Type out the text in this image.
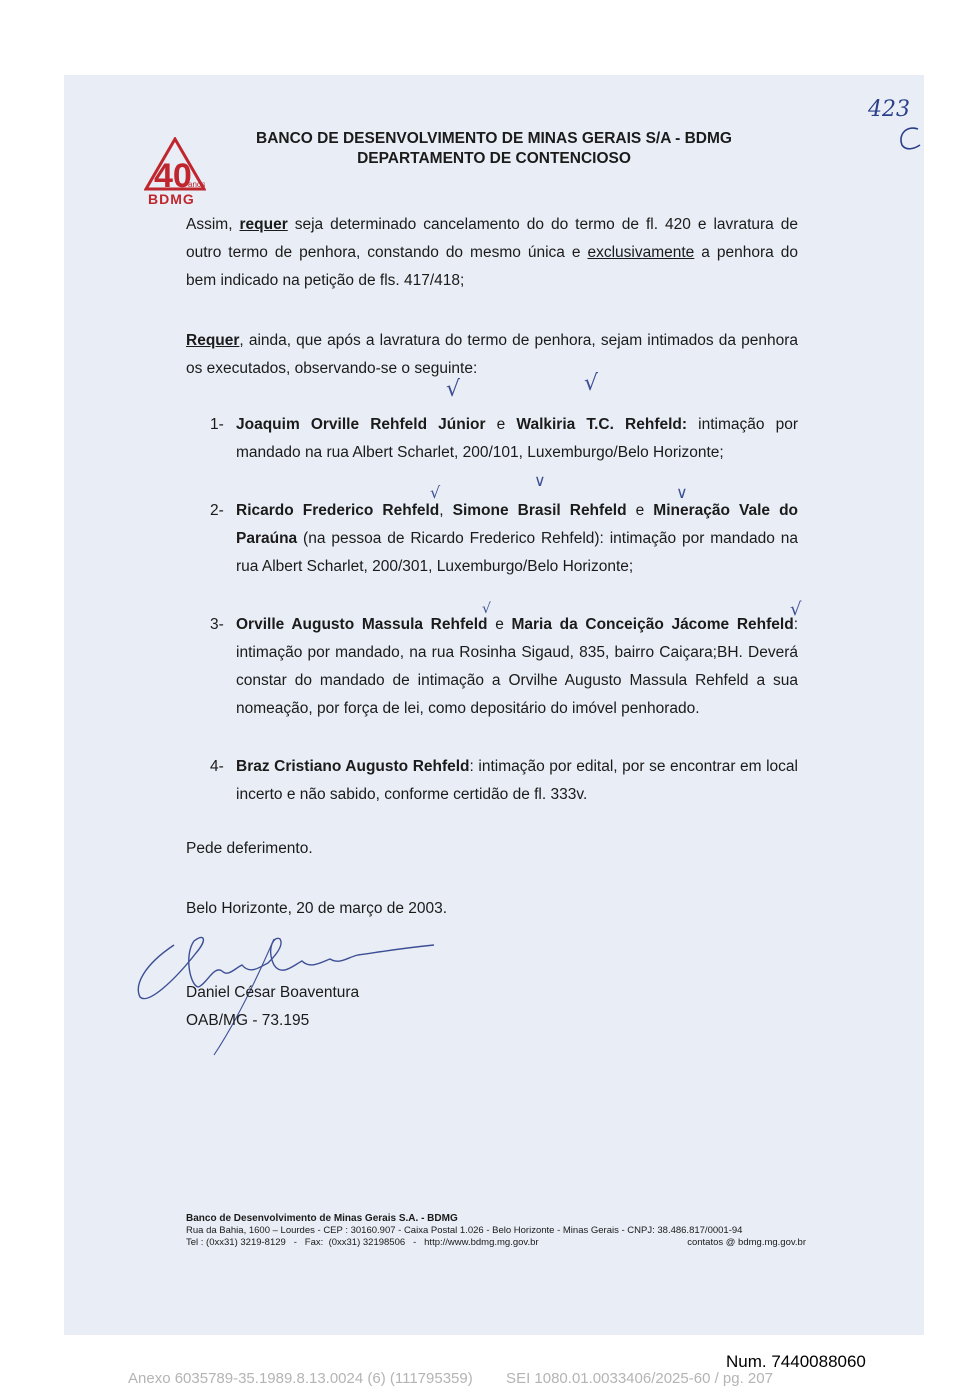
40
anos
BDMG
BANCO DE DESENVOLVIMENTO DE MINAS GERAIS S/A - BDMG
DEPARTAMENTO DE CONTENCIOSO
423
Assim, requer seja determinado cancelamento do do termo de fl. 420 e lavratura de outro termo de penhora, constando do mesmo única e exclusivamente a penhora do bem indicado na petição de fls. 417/418;
Requer, ainda, que após a lavratura do termo de penhora, sejam intimados da penhora os executados, observando-se o seguinte:
√	√
1- Joaquim Orville Rehfeld Júnior e Walkiria T.C. Rehfeld: intimação por mandado na rua Albert Scharlet, 200/101, Luxemburgo/Belo Horizonte;
∨
√	∨
2- Ricardo Frederico Rehfeld, Simone Brasil Rehfeld e Mineração Vale do Paraúna (na pessoa de Ricardo Frederico Rehfeld): intimação por mandado na rua Albert Scharlet, 200/301, Luxemburgo/Belo Horizonte;
√	√
3- Orville Augusto Massula Rehfeld e Maria da Conceição Jácome Rehfeld: intimação por mandado, na rua Rosinha Sigaud, 835, bairro Caiçara;BH. Deverá constar do mandado de intimação a Orvilhe Augusto Massula Rehfeld a sua nomeação, por força de lei, como depositário do imóvel penhorado.
4- Braz Cristiano Augusto Rehfeld: intimação por edital, por se encontrar em local incerto e não sabido, conforme certidão de fl. 333v.
Pede deferimento.
Belo Horizonte, 20 de março de 2003.
Daniel César Boaventura
OAB/MG - 73.195
Banco de Desenvolvimento de Minas Gerais S.A. - BDMG
Rua da Bahia, 1600 – Lourdes - CEP : 30160.907 - Caixa Postal 1.026 - Belo Horizonte - Minas Gerais - CNPJ: 38.486.817/0001-94
Tel : (0xx31) 3219-8129   -   Fax:  (0xx31) 32198506   -   http://www.bdmg.mg.gov.br	contatos @ bdmg.mg.gov.br
Num. 7440088060
Anexo 6035789-35.1989.8.13.0024 (6) (111795359)        SEI 1080.01.0033406/2025-60 / pg. 207
